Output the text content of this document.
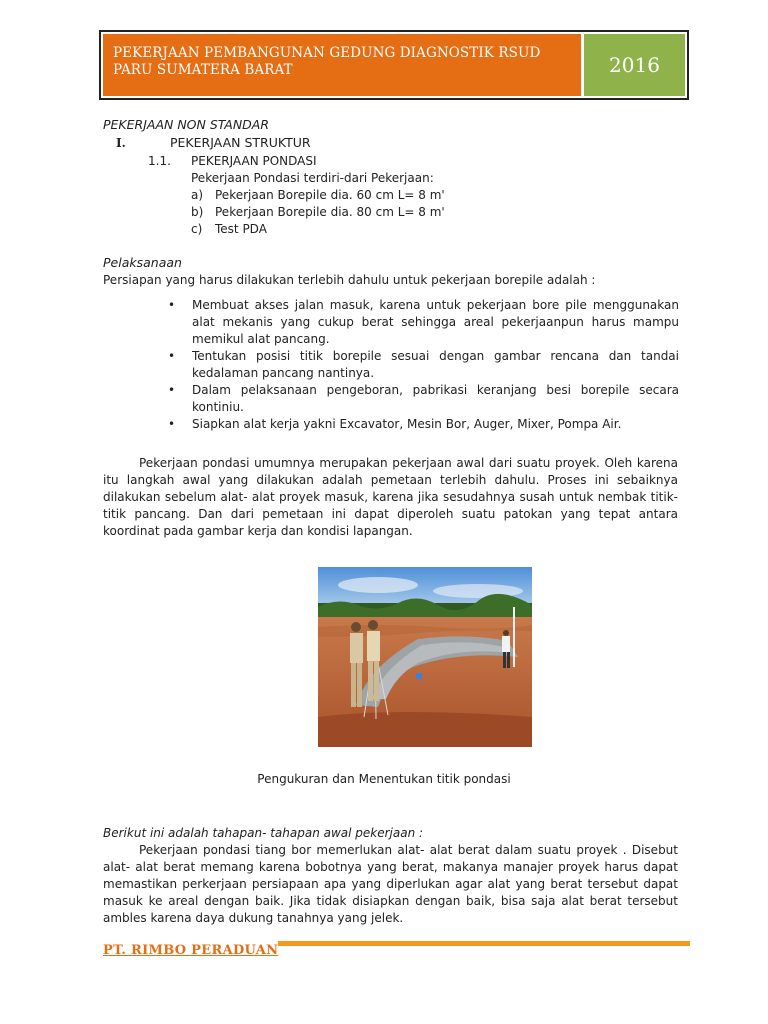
PEKERJAAN PEMBANGUNAN GEDUNG DIAGNOSTIK RSUD PARU SUMATERA BARAT	2016
PEKERJAAN NON STANDAR
I.	PEKERJAAN STRUKTUR
1.1. PEKERJAAN PONDASI
Pekerjaan Pondasi terdiri-dari Pekerjaan:
a) Pekerjaan Borepile dia. 60 cm L= 8 m'
b) Pekerjaan Borepile dia. 80 cm L= 8 m'
c) Test PDA
Pelaksanaan
Persiapan yang harus dilakukan terlebih dahulu untuk pekerjaan borepile adalah :
• Membuat akses jalan masuk, karena untuk pekerjaan bore pile menggunakan alat mekanis yang cukup berat sehingga areal pekerjaanpun harus mampu memikul alat pancang.
• Tentukan posisi titik borepile sesuai dengan gambar rencana dan tandai kedalaman pancang nantinya.
• Dalam pelaksanaan pengeboran, pabrikasi keranjang besi borepile secara kontiniu.
• Siapkan alat kerja yakni Excavator, Mesin Bor, Auger, Mixer, Pompa Air.
Pekerjaan pondasi umumnya merupakan pekerjaan awal dari suatu proyek. Oleh karena itu langkah awal yang dilakukan adalah pemetaan terlebih dahulu. Proses ini sebaiknya dilakukan sebelum alat- alat proyek masuk, karena jika sesudahnya susah untuk nembak titik-titik pancang. Dan dari pemetaan ini dapat diperoleh suatu patokan yang tepat antara koordinat pada gambar kerja dan kondisi lapangan.
Pengukuran dan Menentukan titik pondasi
Berikut ini adalah tahapan- tahapan awal pekerjaan :
Pekerjaan pondasi tiang bor memerlukan alat- alat berat dalam suatu proyek . Disebut alat- alat berat memang karena bobotnya yang berat, makanya manajer proyek harus dapat memastikan perkerjaan persiapaan apa yang diperlukan agar alat yang berat tersebut dapat masuk ke areal dengan baik. Jika tidak disiapkan dengan baik, bisa saja alat berat tersebut ambles karena daya dukung tanahnya yang jelek.
PT. RIMBO PERADUAN
